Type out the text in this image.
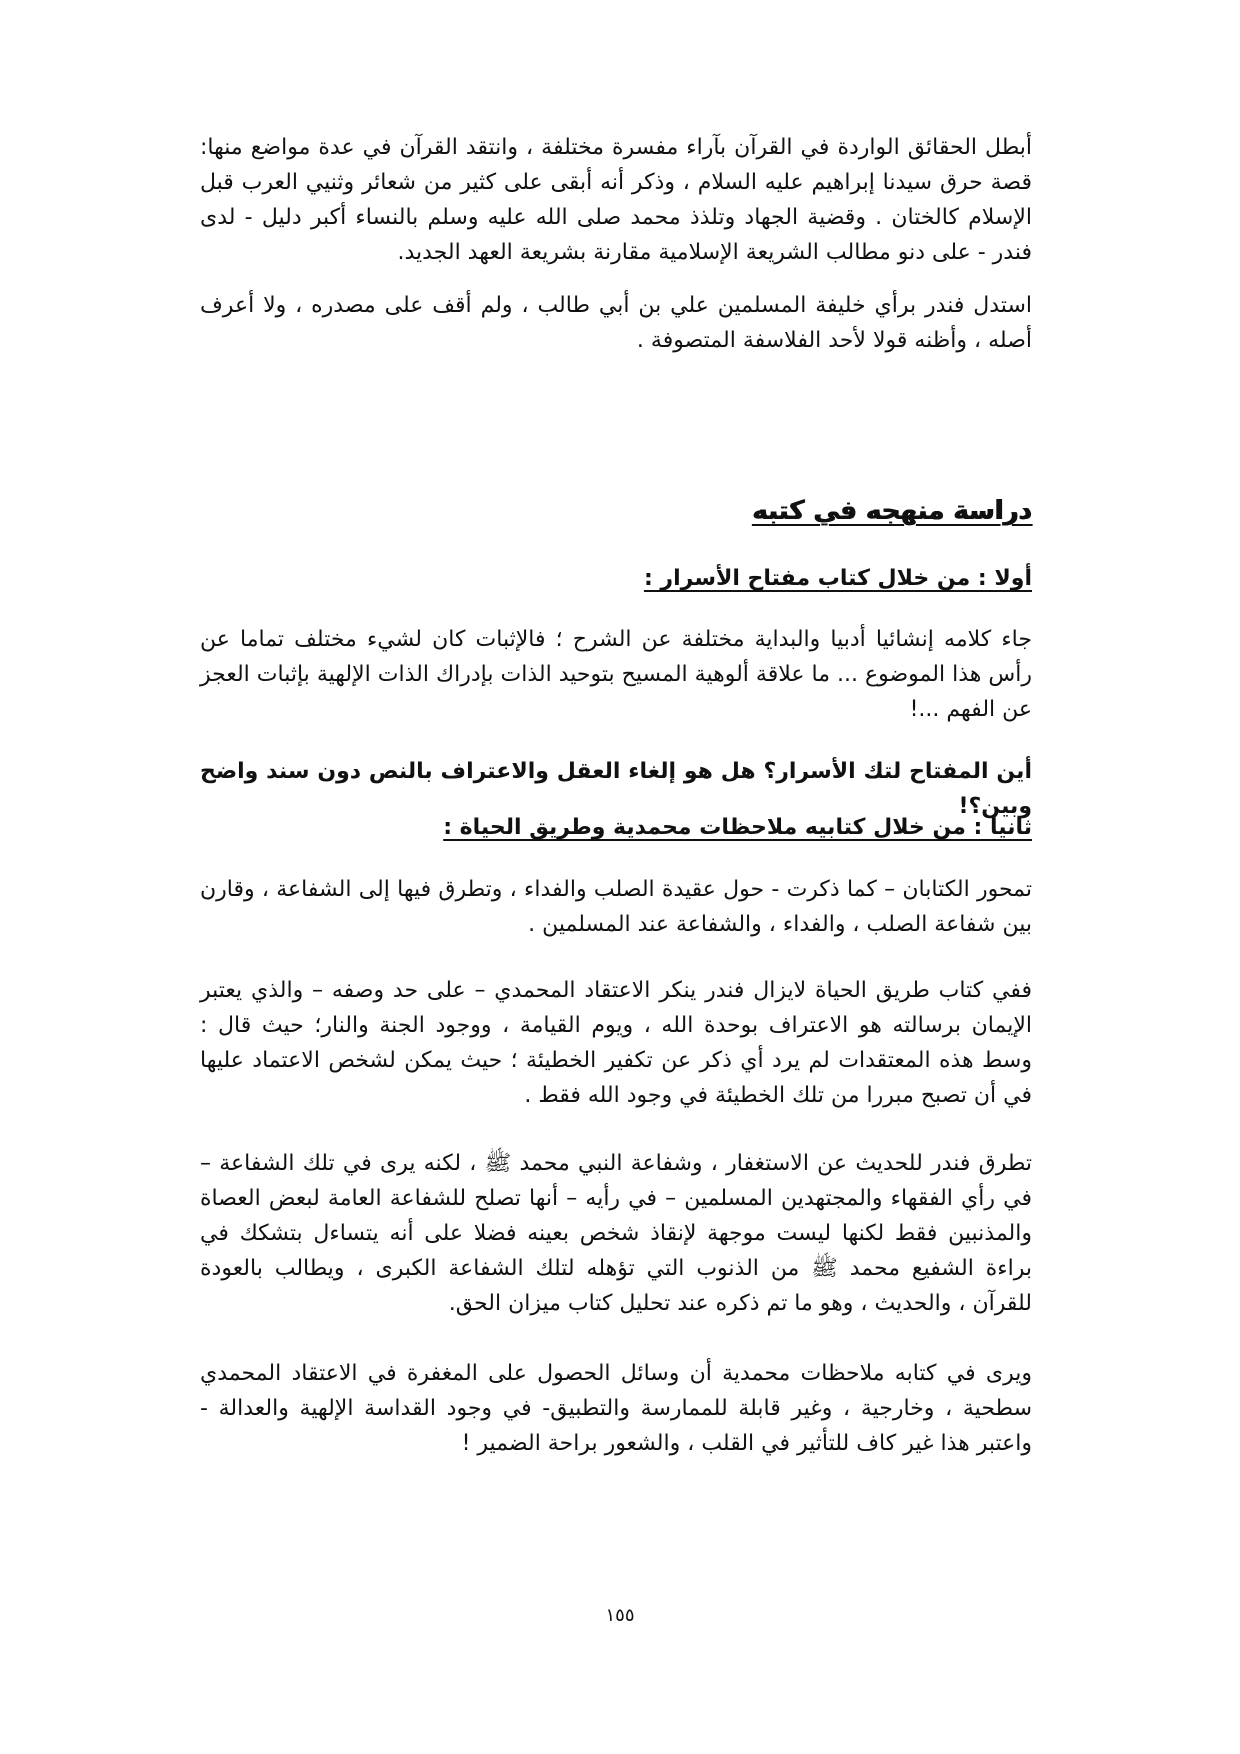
أبطل الحقائق الواردة في القرآن بآراء مفسرة مختلفة ، وانتقد القرآن في عدة مواضع منها: قصة حرق سيدنا إبراهيم عليه السلام ، وذكر أنه أبقى على كثير من شعائر وثنيي العرب قبل الإسلام كالختان . وقضية الجهاد وتلذذ محمد صلى الله عليه وسلم بالنساء أكبر دليل - لدى فندر - على دنو مطالب الشريعة الإسلامية مقارنة بشريعة العهد الجديد.

استدل فندر برأي خليفة المسلمين علي بن أبي طالب ، ولم أقف على مصدره ، ولا أعرف أصله ، وأظنه قولا لأحد الفلاسفة المتصوفة .

دراسة منهجه في كتبه
أولا : من خلال كتاب مفتاح الأسرار :

جاء كلامه إنشائيا أدبيا والبداية مختلفة عن الشرح ؛ فالإثبات كان لشيء مختلف تماما عن رأس هذا الموضوع ... ما علاقة ألوهية المسيح بتوحيد الذات بإدراك الذات الإلهية بإثبات العجز عن الفهم ...!

أين المفتاح لتك الأسرار؟ هل هو إلغاء العقل والاعتراف بالنص دون سند واضح وبين؟!

ثانيا : من خلال كتابيه ملاحظات محمدية وطريق الحياة :

تمحور الكتابان – كما ذكرت - حول عقيدة الصلب والفداء ، وتطرق فيها إلى الشفاعة ، وقارن بين شفاعة الصلب ، والفداء ، والشفاعة عند المسلمين .

ففي كتاب طريق الحياة لايزال فندر ينكر الاعتقاد المحمدي – على حد وصفه – والذي يعتبر الإيمان برسالته هو الاعتراف بوحدة الله ، ويوم القيامة ، ووجود الجنة والنار؛ حيث قال : وسط هذه المعتقدات لم يرد أي ذكر عن تكفير الخطيئة ؛ حيث يمكن لشخص الاعتماد عليها في أن تصبح مبررا من تلك الخطيئة في وجود الله فقط .

تطرق فندر للحديث عن الاستغفار ، وشفاعة النبي محمد ﷺ ، لكنه يرى في تلك الشفاعة – في رأي الفقهاء والمجتهدين المسلمين – في رأيه – أنها تصلح للشفاعة العامة لبعض العصاة والمذنبين فقط لكنها ليست موجهة لإنقاذ شخص بعينه فضلا على أنه يتساءل بتشكك في براءة الشفيع محمد ﷺ من الذنوب التي تؤهله لتلك الشفاعة الكبرى ، ويطالب بالعودة للقرآن ، والحديث ، وهو ما تم ذكره عند تحليل كتاب ميزان الحق.

ويرى في كتابه ملاحظات محمدية أن وسائل الحصول على المغفرة في الاعتقاد المحمدي سطحية ، وخارجية ، وغير قابلة للممارسة والتطبيق- في وجود القداسة الإلهية والعدالة - واعتبر هذا غير كاف للتأثير في القلب ، والشعور براحة الضمير !

١٥٥
